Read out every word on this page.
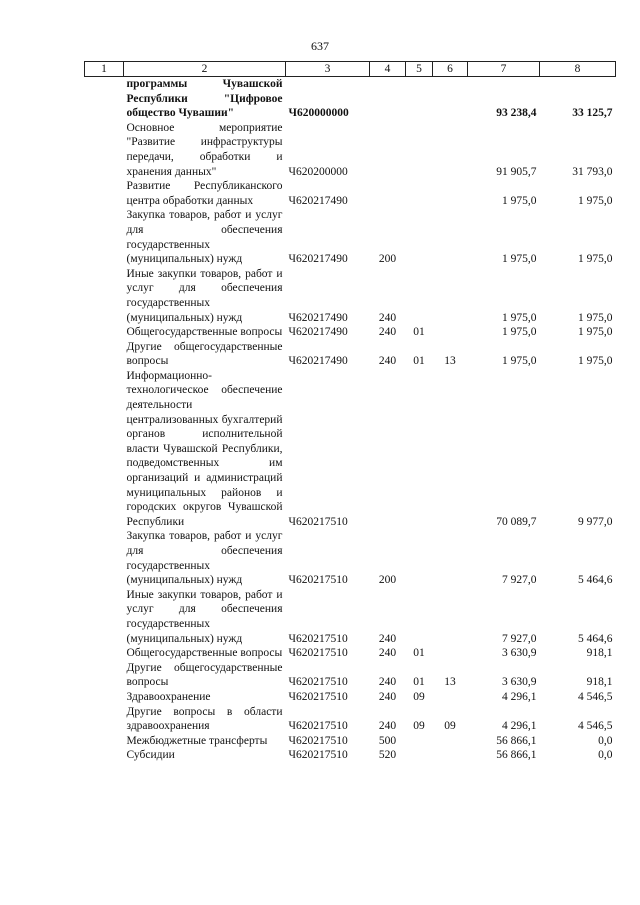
637
1	2	3	4	5	6	7	8
	программы Чувашской Республики "Цифровое общество Чувашии"	Ч620000000				93 238,4	33 125,7
	Основное мероприятие "Развитие инфраструктуры передачи, обработки и хранения данных"	Ч620200000				91 905,7	31 793,0
	Развитие Республиканского центра обработки данных	Ч620217490				1 975,0	1 975,0
	Закупка товаров, работ и услуг для обеспечения государственных (муниципальных) нужд	Ч620217490	200			1 975,0	1 975,0
	Иные закупки товаров, работ и услуг для обеспечения государственных (муниципальных) нужд	Ч620217490	240			1 975,0	1 975,0
	Общегосударственные вопросы	Ч620217490	240	01		1 975,0	1 975,0
	Другие общегосударственные вопросы	Ч620217490	240	01	13	1 975,0	1 975,0
	Информационно-технологическое обеспечение деятельности централизованных бухгалтерий органов исполнительной власти Чувашской Республики, подведомственных им организаций и администраций муниципальных районов и городских округов Чувашской Республики	Ч620217510				70 089,7	9 977,0
	Закупка товаров, работ и услуг для обеспечения государственных (муниципальных) нужд	Ч620217510	200			7 927,0	5 464,6
	Иные закупки товаров, работ и услуг для обеспечения государственных (муниципальных) нужд	Ч620217510	240			7 927,0	5 464,6
	Общегосударственные вопросы	Ч620217510	240	01		3 630,9	918,1
	Другие общегосударственные вопросы	Ч620217510	240	01	13	3 630,9	918,1
	Здравоохранение	Ч620217510	240	09		4 296,1	4 546,5
	Другие вопросы в области здравоохранения	Ч620217510	240	09	09	4 296,1	4 546,5
	Межбюджетные трансферты	Ч620217510	500			56 866,1	0,0
	Субсидии	Ч620217510	520			56 866,1	0,0
